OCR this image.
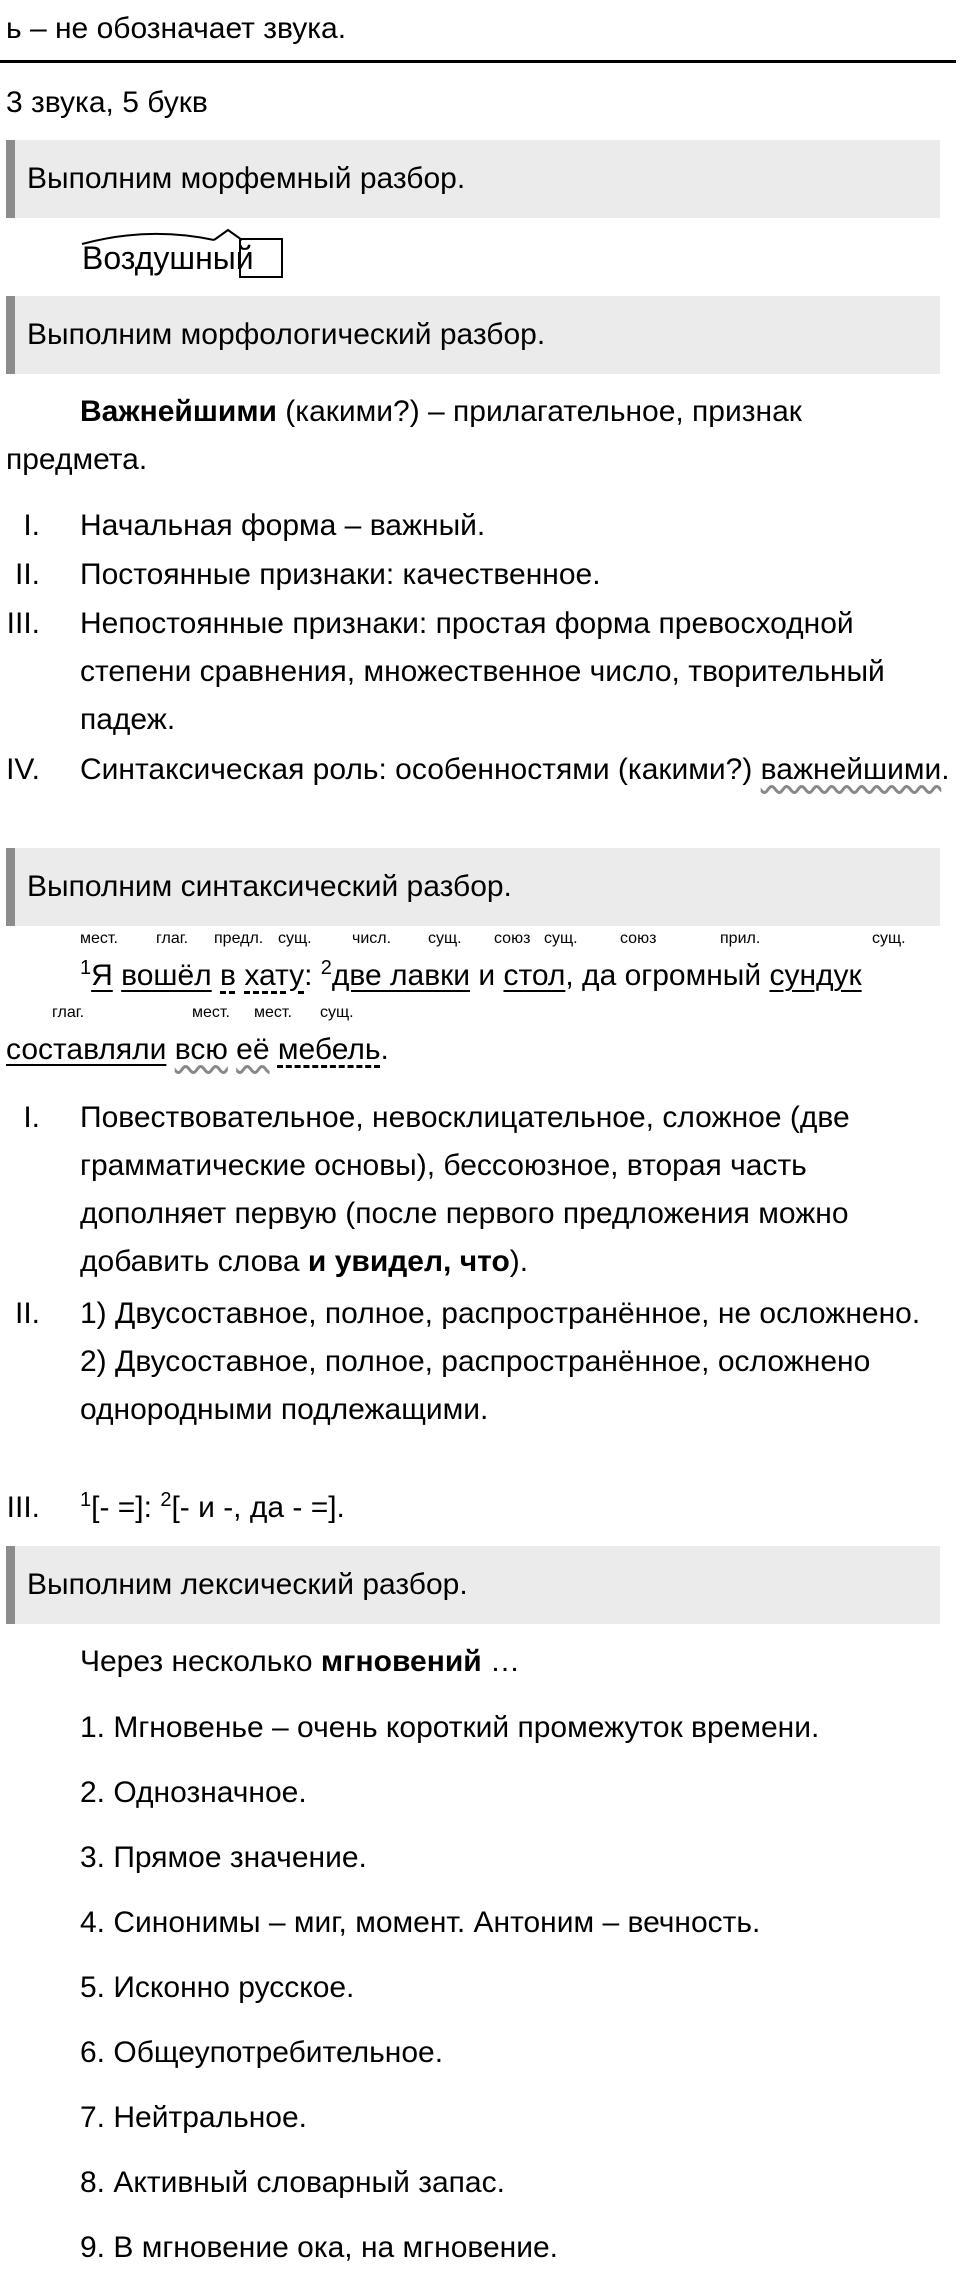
ь – не обозначает звука.
3 звука, 5 букв
Выполним морфемный разбор.
Воздушный
Выполним морфологический разбор.
Важнейшими (какими?) – прилагательное, признак предмета.
I. Начальная форма – важный.
II. Постоянные признаки: качественное.
III. Непостоянные признаки: простая форма превосходной степени сравнения, множественное число, творительный падеж.
IV. Синтаксическая роль: особенностями (какими?) важнейшими.
Выполним синтаксический разбор.
мест. глаг. предл. сущ.	числ. сущ. союз сущ.	союз	прил.	сущ.
$^1$Я вошёл в хату: $^2$две лавки и стол, да огромный сундук
глаг.	мест. мест. сущ.
составляли всю её мебель.
I. Повествовательное, невосклицательное, сложное (две грамматические основы), бессоюзное, вторая часть дополняет первую (после первого предложения можно добавить слова и увидел, что).
II. 1) Двусоставное, полное, распространённое, не осложнено. 2) Двусоставное, полное, распространённое, осложнено однородными подлежащими.
III. $^1$[- =]: $^2$[- и -, да - =].
Выполним лексический разбор.
Через несколько мгновений …
1. Мгновенье – очень короткий промежуток времени.
2. Однозначное.
3. Прямое значение.
4. Синонимы – миг, момент. Антоним – вечность.
5. Исконно русское.
6. Общеупотребительное.
7. Нейтральное.
8. Активный словарный запас.
9. В мгновение ока, на мгновение.
